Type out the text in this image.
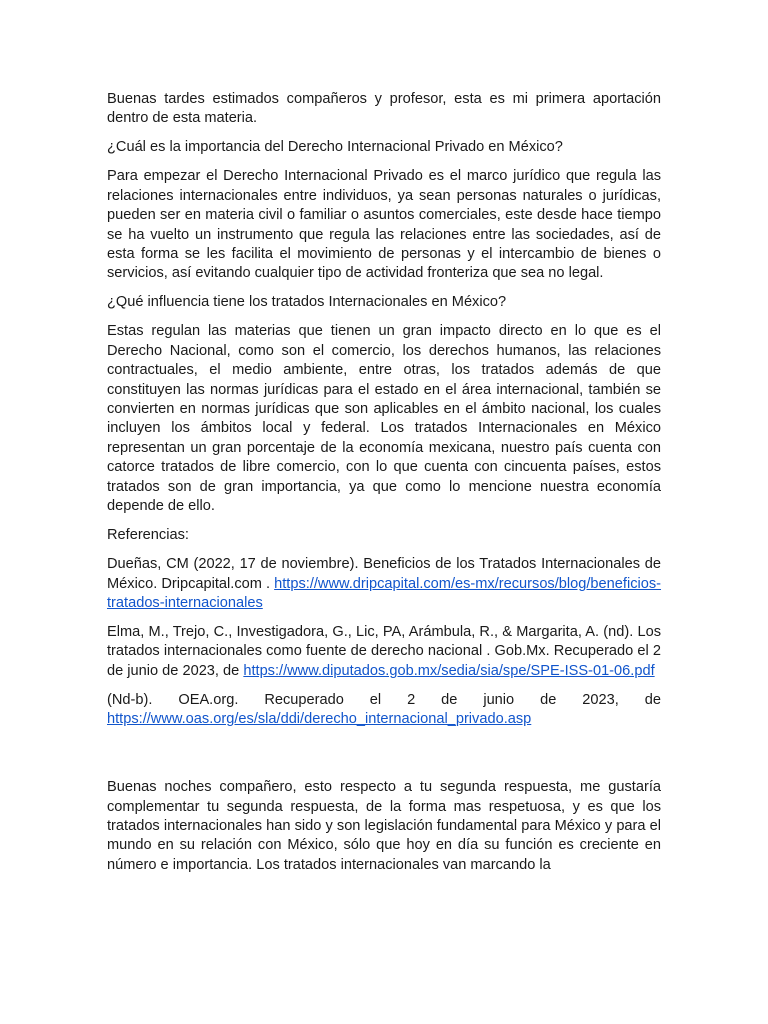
Buenas tardes estimados compañeros y profesor, esta es mi primera aportación dentro de esta materia.

¿Cuál es la importancia del Derecho Internacional Privado en México?

Para empezar el Derecho Internacional Privado es el marco jurídico que regula las relaciones internacionales entre individuos, ya sean personas naturales o jurídicas, pueden ser en materia civil o familiar o asuntos comerciales, este desde hace tiempo se ha vuelto un instrumento que regula las relaciones entre las sociedades, así de esta forma se les facilita el movimiento de personas y el intercambio de bienes o servicios, así evitando cualquier tipo de actividad fronteriza que sea no legal.

¿Qué influencia tiene los tratados Internacionales en México?

Estas regulan las materias que tienen un gran impacto directo en lo que es el Derecho Nacional, como son el comercio, los derechos humanos, las relaciones contractuales, el medio ambiente, entre otras, los tratados además de que constituyen las normas jurídicas para el estado en el área internacional, también se convierten en normas jurídicas que son aplicables en el ámbito nacional, los cuales incluyen los ámbitos local y federal. Los tratados Internacionales en México representan un gran porcentaje de la economía mexicana, nuestro país cuenta con catorce tratados de libre comercio, con lo que cuenta con cincuenta países, estos tratados son de gran importancia, ya que como lo mencione nuestra economía depende de ello.

Referencias:

Dueñas, CM (2022, 17 de noviembre). Beneficios de los Tratados Internacionales de México. Dripcapital.com . https://www.dripcapital.com/es-mx/recursos/blog/beneficios-tratados-internacionales

Elma, M., Trejo, C., Investigadora, G., Lic, PA, Arámbula, R., & Margarita, A. (nd). Los tratados internacionales como fuente de derecho nacional . Gob.Mx. Recuperado el 2 de junio de 2023, de https://www.diputados.gob.mx/sedia/sia/spe/SPE-ISS-01-06.pdf

(Nd-b). OEA.org. Recuperado el 2 de junio de 2023, de https://www.oas.org/es/sla/ddi/derecho_internacional_privado.asp

Buenas noches compañero, esto respecto a tu segunda respuesta, me gustaría complementar tu segunda respuesta, de la forma mas respetuosa, y es que los tratados internacionales han sido y son legislación fundamental para México y para el mundo en su relación con México, sólo que hoy en día su función es creciente en número e importancia. Los tratados internacionales van marcando la
